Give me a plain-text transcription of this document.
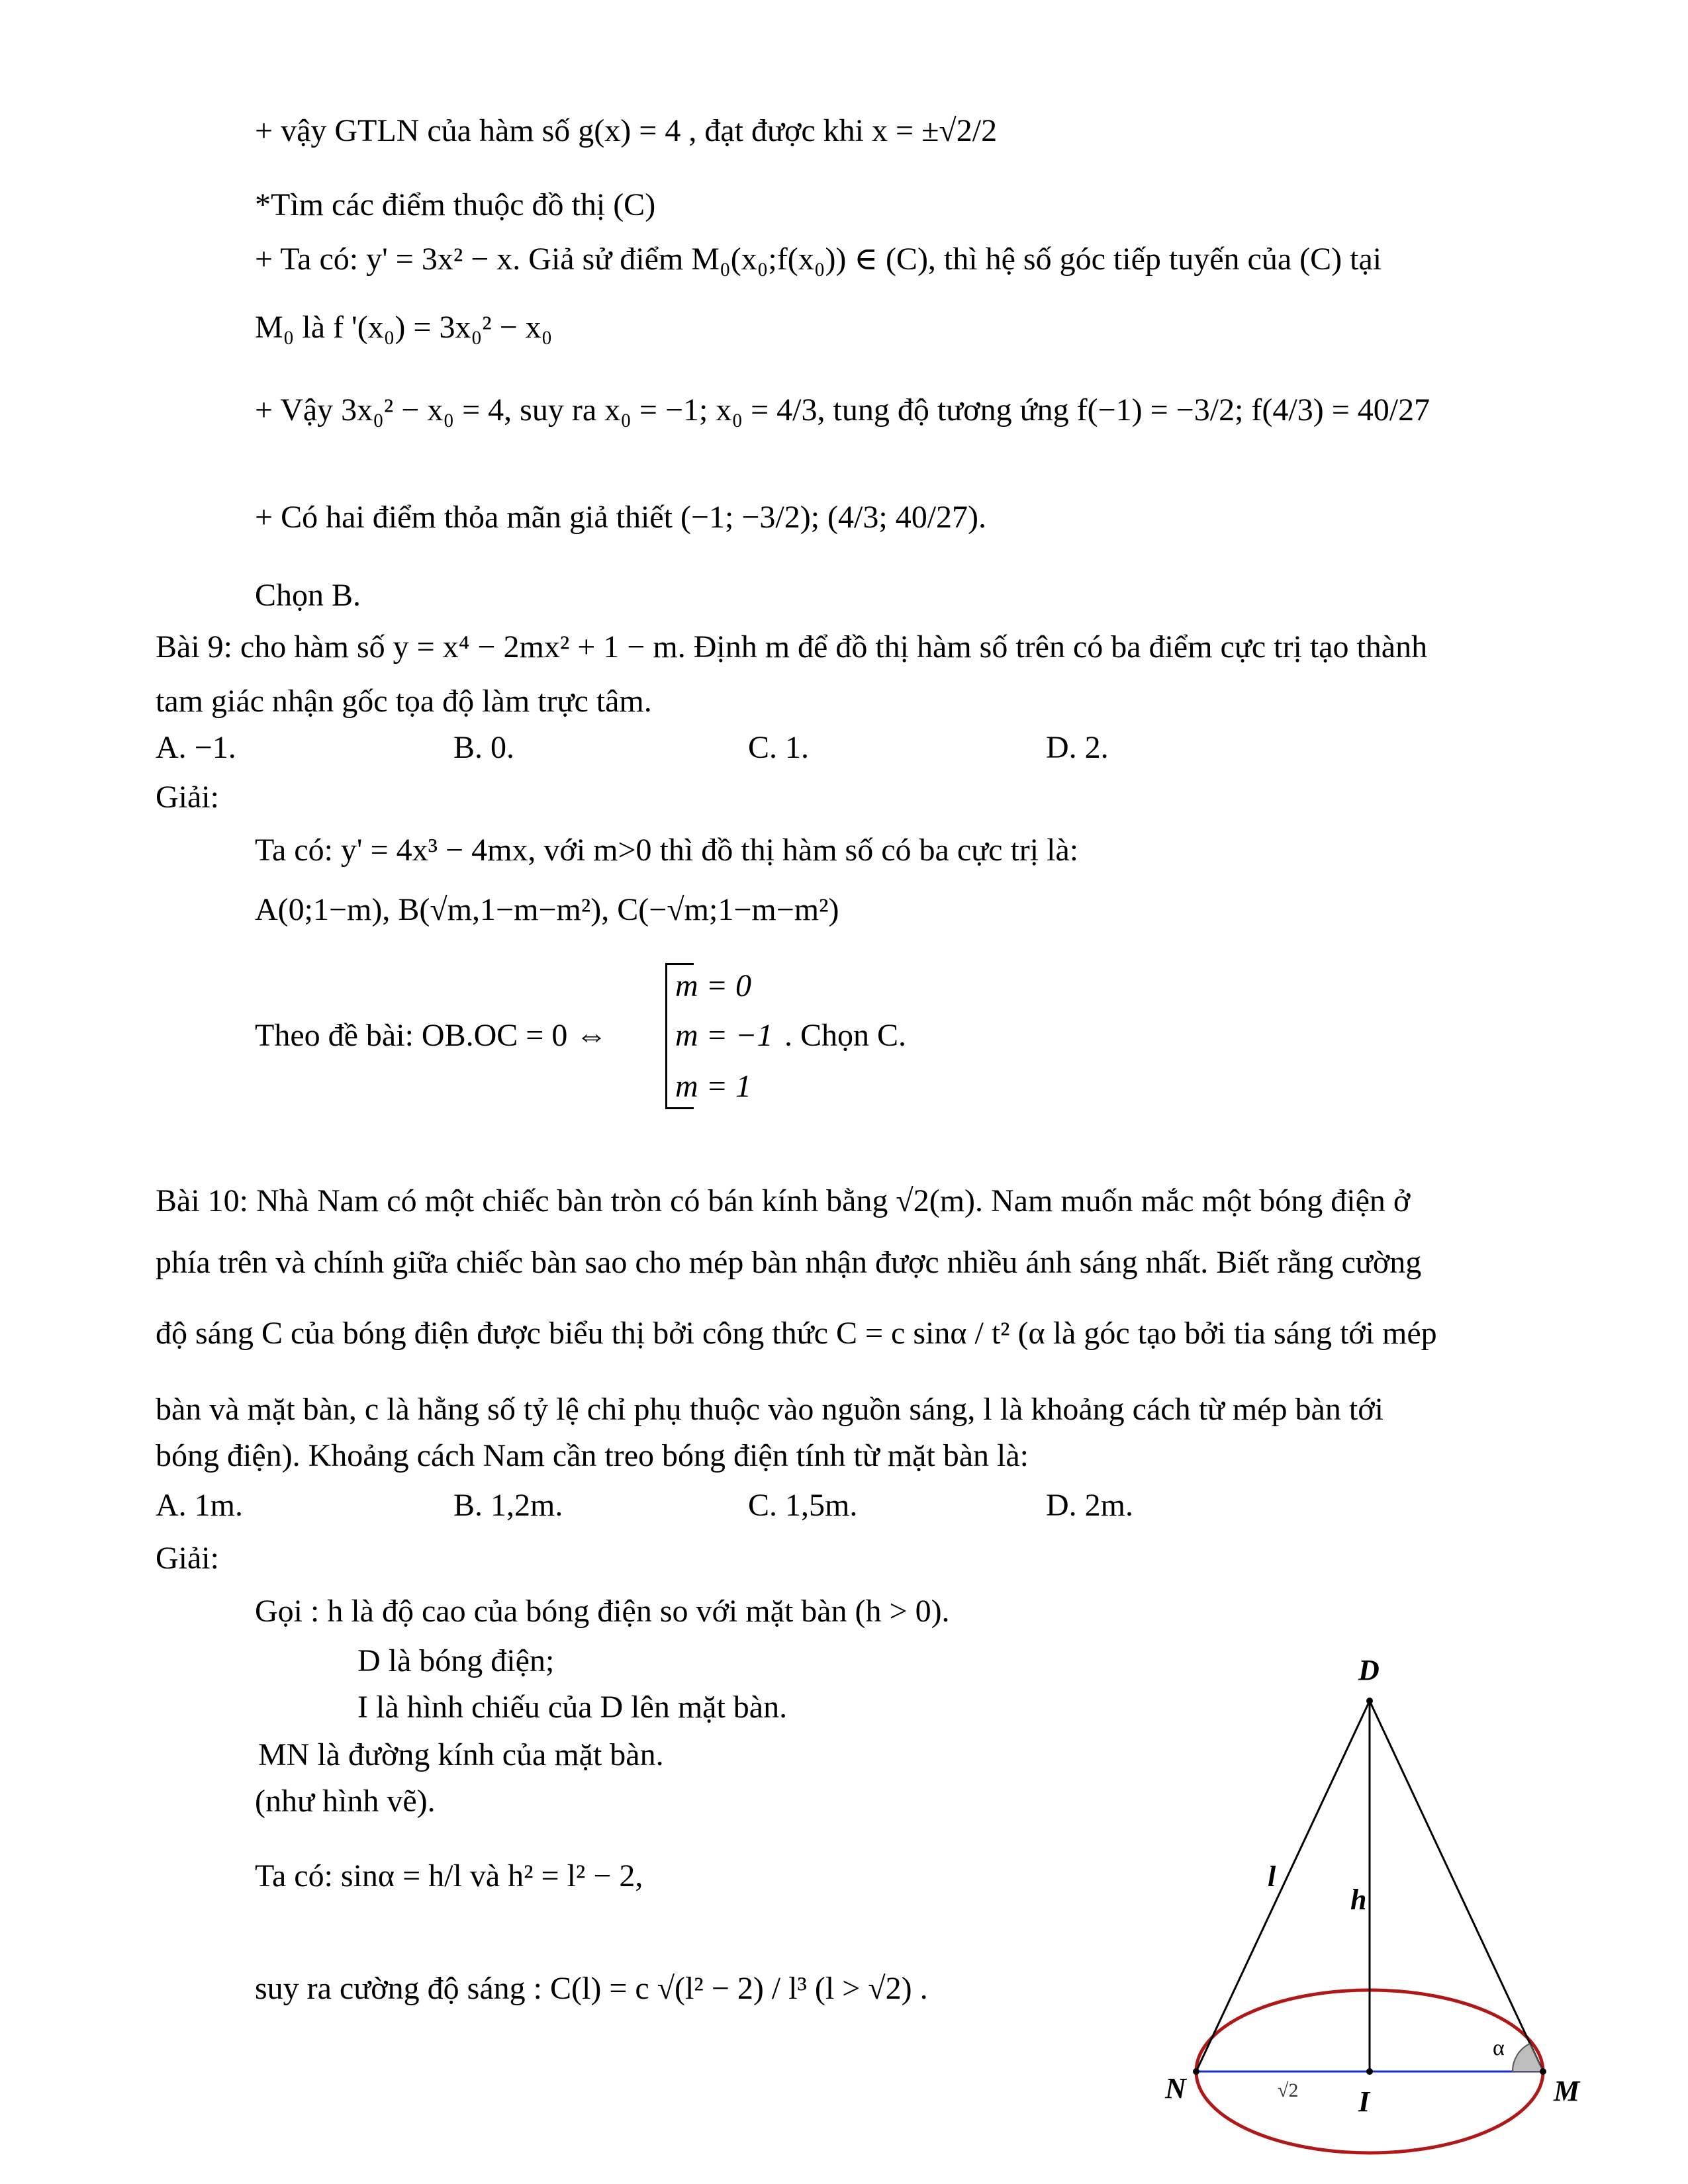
+ vậy GTLN của hàm số g(x) = 4 , đạt được khi x = ±√2/2
*Tìm các điểm thuộc đồ thị (C)
+ Ta có: y' = 3x² − x. Giả sử điểm M₀(x₀;f(x₀)) ∈ (C), thì hệ số góc tiếp tuyến của (C) tại
M₀ là f '(x₀) = 3x₀² − x₀
+ Vậy 3x₀² − x₀ = 4, suy ra x₀ = −1; x₀ = 4/3, tung độ tương ứng f(−1) = −3/2; f(4/3) = 40/27
+ Có hai điểm thỏa mãn giả thiết (−1; −3/2); (4/3; 40/27).
Chọn B.
Bài 9: cho hàm số y = x⁴ − 2mx² + 1 − m. Định m để đồ thị hàm số trên có ba điểm cực trị tạo thành
tam giác nhận gốc tọa độ làm trực tâm.
A. −1.	B. 0.	C. 1.	D. 2.
Giải:
Ta có: y' = 4x³ − 4mx, với m>0 thì đồ thị hàm số có ba cực trị là:
A(0;1−m), B(√m,1−m−m²), C(−√m;1−m−m²)
Theo đề bài: OB.OC = 0 ⇔
m = 0
m = −1
m = 1
. Chọn C.
Bài 10: Nhà Nam có một chiếc bàn tròn có bán kính bằng √2(m). Nam muốn mắc một bóng điện ở
phía trên và chính giữa chiếc bàn sao cho mép bàn nhận được nhiều ánh sáng nhất. Biết rằng cường
độ sáng C của bóng điện được biểu thị bởi công thức C = c sinα / t² (α là góc tạo bởi tia sáng tới mép
bàn và mặt bàn, c là hằng số tỷ lệ chỉ phụ thuộc vào nguồn sáng, l là khoảng cách từ mép bàn tới
bóng điện). Khoảng cách Nam cần treo bóng điện tính từ mặt bàn là:
A. 1m.	B. 1,2m.	C. 1,5m.	D. 2m.
Giải:
Gọi : h là độ cao của bóng điện so với mặt bàn (h > 0).
D là bóng điện;
I là hình chiếu của D lên mặt bàn.
MN là đường kính của mặt bàn.
(như hình vẽ).
Ta có: sinα = h/l và h² = l² − 2,
suy ra cường độ sáng : C(l) = c √(l² − 2) / l³ (l > √2) .
D
N	M
I
l
h
α
√2
